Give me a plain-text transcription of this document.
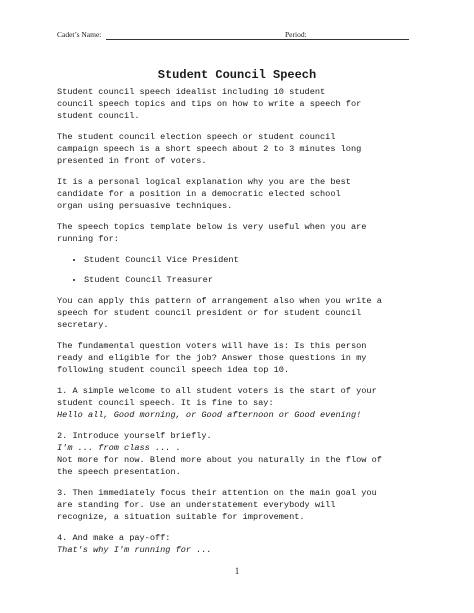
Cadet’s Name:	Period:
Student Council Speech

Student council speech idealist including 10 student
council speech topics and tips on how to write a speech for
student council.

The student council election speech or student council
campaign speech is a short speech about 2 to 3 minutes long
presented in front of voters.

It is a personal logical explanation why you are the best
candidate for a position in a democratic elected school
organ using persuasive techniques.

The speech topics template below is very useful when you are
running for:

• Student Council Vice President
• Student Council Treasurer

You can apply this pattern of arrangement also when you write a
speech for student council president or for student council
secretary.

The fundamental question voters will have is: Is this person
ready and eligible for the job? Answer those questions in my
following student council speech idea top 10.

1. A simple welcome to all student voters is the start of your
student council speech. It is fine to say:
Hello all, Good morning, or Good afternoon or Good evening!

2. Introduce yourself briefly.
I'm ... from class ... .
Not more for now. Blend more about you naturally in the flow of
the speech presentation.

3. Then immediately focus their attention on the main goal you
are standing for. Use an understatement everybody will
recognize, a situation suitable for improvement.

4. And make a pay-off:
That's why I'm running for ...

1
